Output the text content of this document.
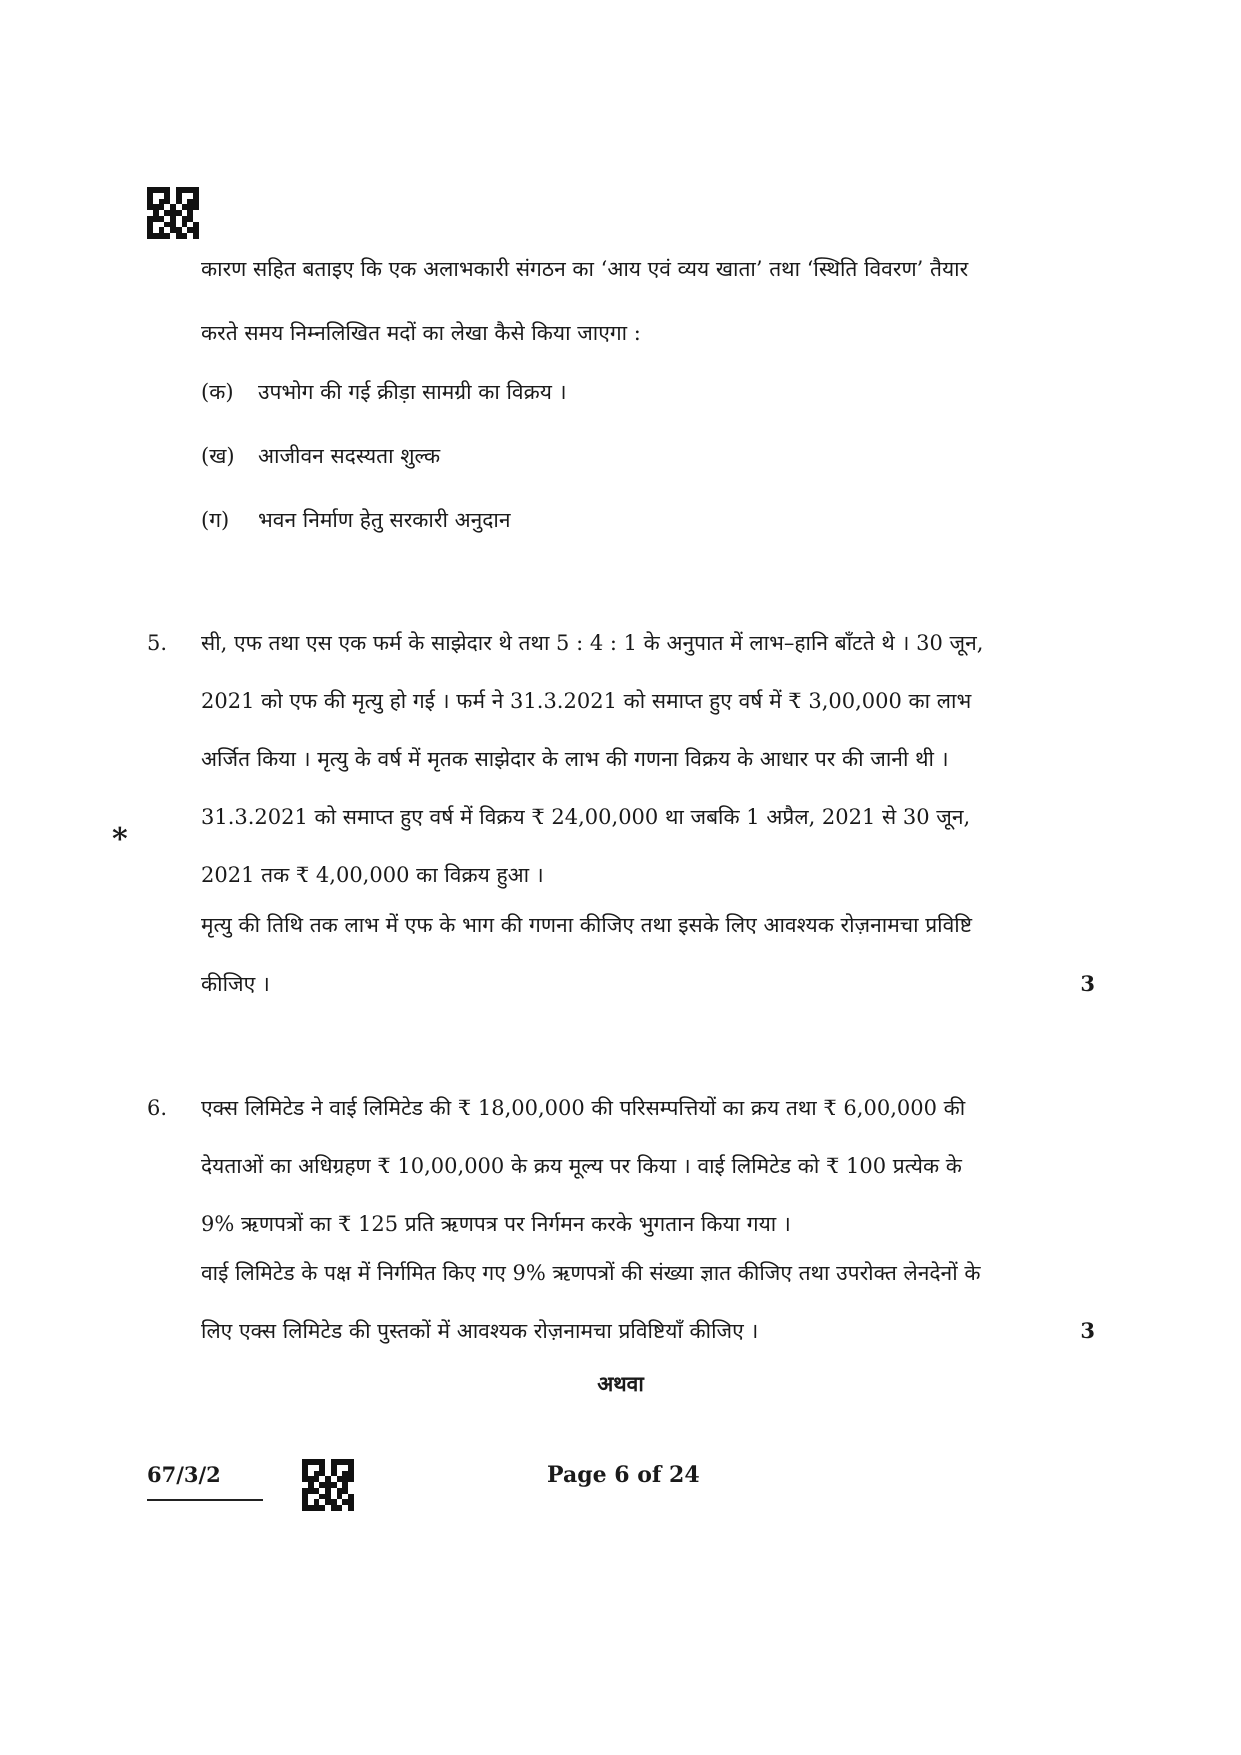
कारण सहित बताइए कि एक अलाभकारी संगठन का ‘आय एवं व्यय खाता’ तथा ‘स्थिति विवरण’ तैयार
करते समय निम्नलिखित मदों का लेखा कैसे किया जाएगा :
(क) उपभोग की गई क्रीड़ा सामग्री का विक्रय ।
(ख) आजीवन सदस्यता शुल्क
(ग) भवन निर्माण हेतु सरकारी अनुदान
5. सी, एफ तथा एस एक फर्म के साझेदार थे तथा 5 : 4 : 1 के अनुपात में लाभ–हानि बाँटते थे । 30 जून,
2021 को एफ की मृत्यु हो गई । फर्म ने 31.3.2021 को समाप्त हुए वर्ष में ₹ 3,00,000 का लाभ
अर्जित किया । मृत्यु के वर्ष में मृतक साझेदार के लाभ की गणना विक्रय के आधार पर की जानी थी ।
31.3.2021 को समाप्त हुए वर्ष में विक्रय ₹ 24,00,000 था जबकि 1 अप्रैल, 2021 से 30 जून,
2021 तक ₹ 4,00,000 का विक्रय हुआ ।
*
मृत्यु की तिथि तक लाभ में एफ के भाग की गणना कीजिए तथा इसके लिए आवश्यक रोज़नामचा प्रविष्टि
कीजिए ।	3
6. एक्स लिमिटेड ने वाई लिमिटेड की ₹ 18,00,000 की परिसम्पत्तियों का क्रय तथा ₹ 6,00,000 की
देयताओं का अधिग्रहण ₹ 10,00,000 के क्रय मूल्य पर किया । वाई लिमिटेड को ₹ 100 प्रत्येक के
9% ऋणपत्रों का ₹ 125 प्रति ऋणपत्र पर निर्गमन करके भुगतान किया गया ।
वाई लिमिटेड के पक्ष में निर्गमित किए गए 9% ऋणपत्रों की संख्या ज्ञात कीजिए तथा उपरोक्त लेनदेनों के
लिए एक्स लिमिटेड की पुस्तकों में आवश्यक रोज़नामचा प्रविष्टियाँ कीजिए ।	3
अथवा
67/3/2	Page 6 of 24
